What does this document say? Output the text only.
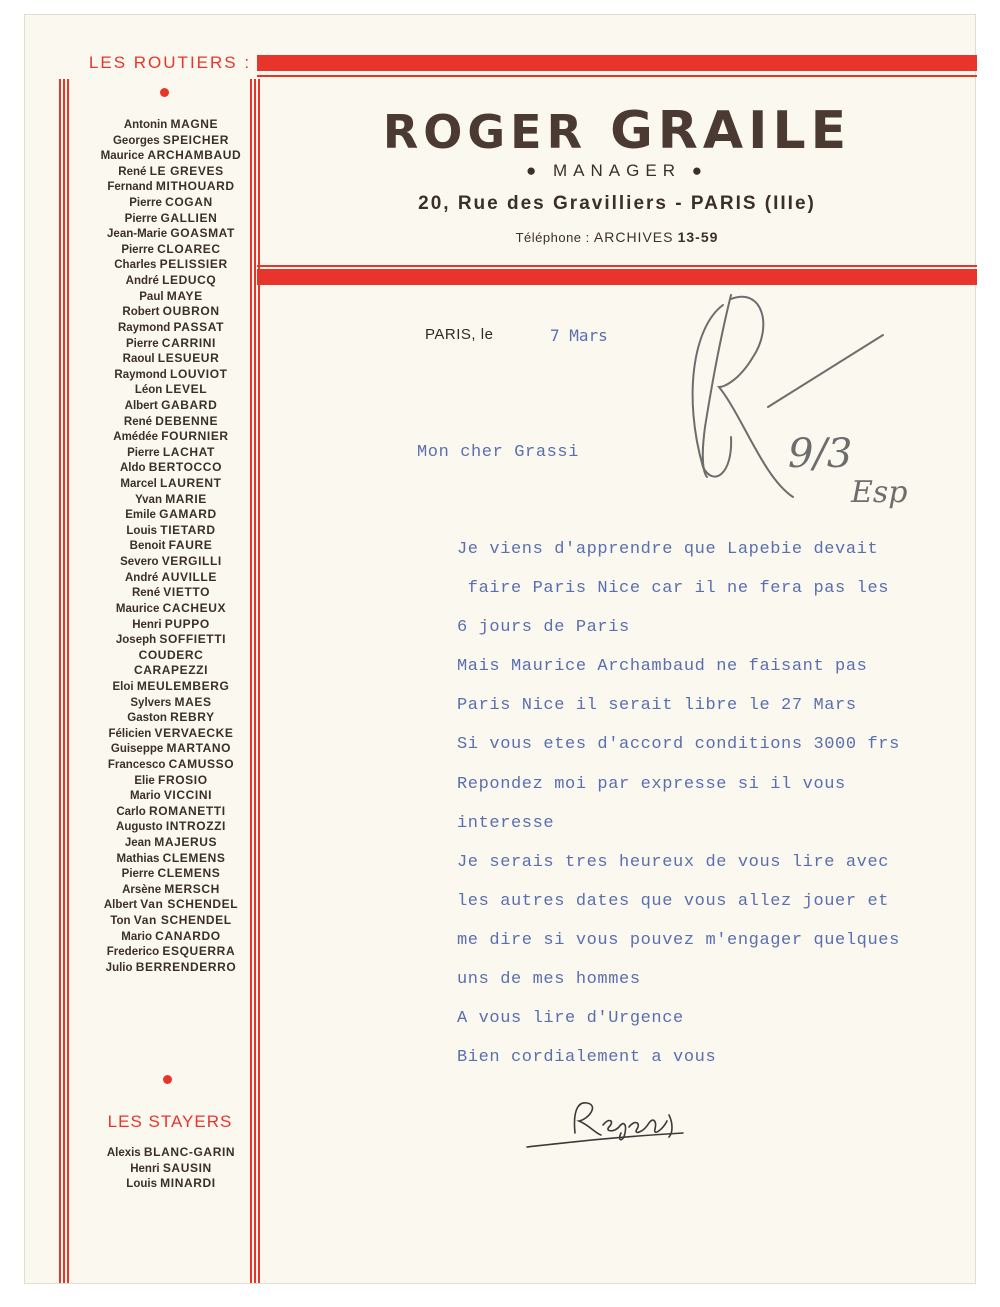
LES ROUTIERS :
Antonin MAGNE
Georges SPEICHER
Maurice ARCHAMBAUD
René LE GREVES
Fernand MITHOUARD
Pierre COGAN
Pierre GALLIEN
Jean-Marie GOASMAT
Pierre CLOAREC
Charles PELISSIER
André LEDUCQ
Paul MAYE
Robert OUBRON
Raymond PASSAT
Pierre CARRINI
Raoul LESUEUR
Raymond LOUVIOT
Léon LEVEL
Albert GABARD
René DEBENNE
Amédée FOURNIER
Pierre LACHAT
Aldo BERTOCCO
Marcel LAURENT
Yvan MARIE
Emile GAMARD
Louis TIETARD
Benoit FAURE
Severo VERGILLI
André AUVILLE
René VIETTO
Maurice CACHEUX
Henri PUPPO
Joseph SOFFIETTI
COUDERC
CARAPEZZI
Eloi MEULEMBERG
Sylvers MAES
Gaston REBRY
Félicien VERVAECKE
Guiseppe MARTANO
Francesco CAMUSSO
Elie FROSIO
Mario VICCINI
Carlo ROMANETTI
Augusto INTROZZI
Jean MAJERUS
Mathias CLEMENS
Pierre CLEMENS
Arsène MERSCH
Albert Van SCHENDEL
Ton Van SCHENDEL
Mario CANARDO
Frederico ESQUERRA
Julio BERRENDERRO
LES STAYERS
Alexis BLANC-GARIN
Henri SAUSIN
Louis MINARDI
ROGER GRAILE
● MANAGER ●
20, Rue des Gravilliers - PARIS (IIIe)
Téléphone : ARCHIVES 13-59
PARIS, le	7 Mars
9/3
Esp
Mon cher Grassi
Je viens d'apprendre que Lapebie devait
faire Paris Nice car il ne fera pas les
6 jours de Paris
Mais Maurice Archambaud ne faisant pas
Paris Nice il serait libre le 27 Mars
Si vous etes d'accord conditions 3000 frs
Repondez moi par expresse si il vous
interesse
Je serais tres heureux de vous lire avec
les autres dates que vous allez jouer et
me dire si vous pouvez m'engager quelques
uns de mes hommes
A vous lire d'Urgence
Bien cordialement a vous
